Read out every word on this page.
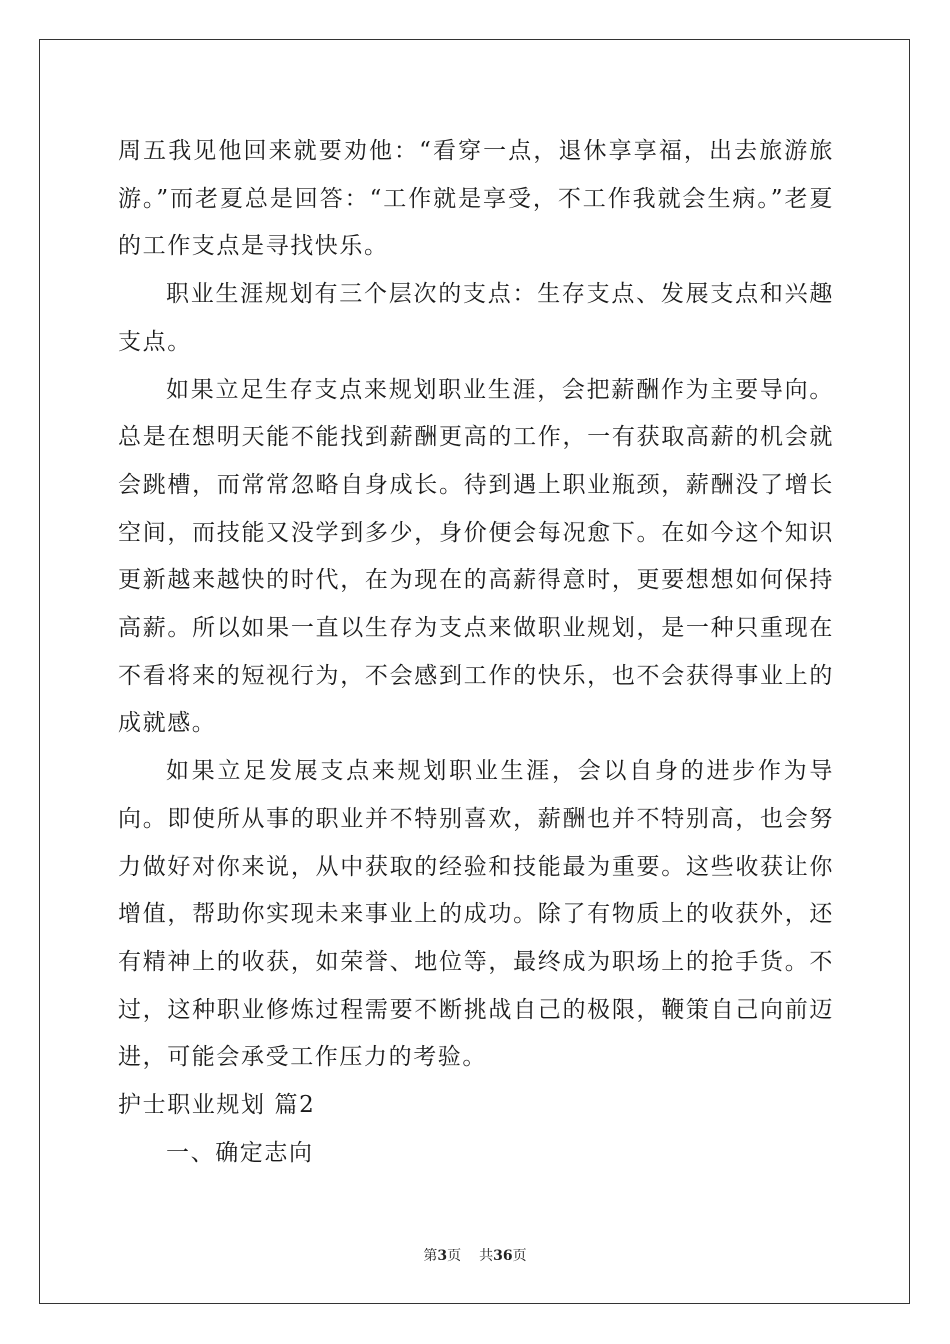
周五我见他回来就要劝他：“看穿一点，退休享享福，出去旅游旅游。”而老夏总是回答：“工作就是享受，不工作我就会生病。”老夏的工作支点是寻找快乐。

职业生涯规划有三个层次的支点：生存支点、发展支点和兴趣支点。

如果立足生存支点来规划职业生涯，会把薪酬作为主要导向。总是在想明天能不能找到薪酬更高的工作，一有获取高薪的机会就会跳槽，而常常忽略自身成长。待到遇上职业瓶颈，薪酬没了增长空间，而技能又没学到多少，身价便会每况愈下。在如今这个知识更新越来越快的时代，在为现在的高薪得意时，更要想想如何保持高薪。所以如果一直以生存为支点来做职业规划，是一种只重现在不看将来的短视行为，不会感到工作的快乐，也不会获得事业上的成就感。

如果立足发展支点来规划职业生涯，会以自身的进步作为导向。即使所从事的职业并不特别喜欢，薪酬也并不特别高，也会努力做好对你来说，从中获取的经验和技能最为重要。这些收获让你增值，帮助你实现未来事业上的成功。除了有物质上的收获外，还有精神上的收获，如荣誉、地位等，最终成为职场上的抢手货。不过，这种职业修炼过程需要不断挑战自己的极限，鞭策自己向前迈进，可能会承受工作压力的考验。

护士职业规划 篇2

一、确定志向

第3页 共36页
